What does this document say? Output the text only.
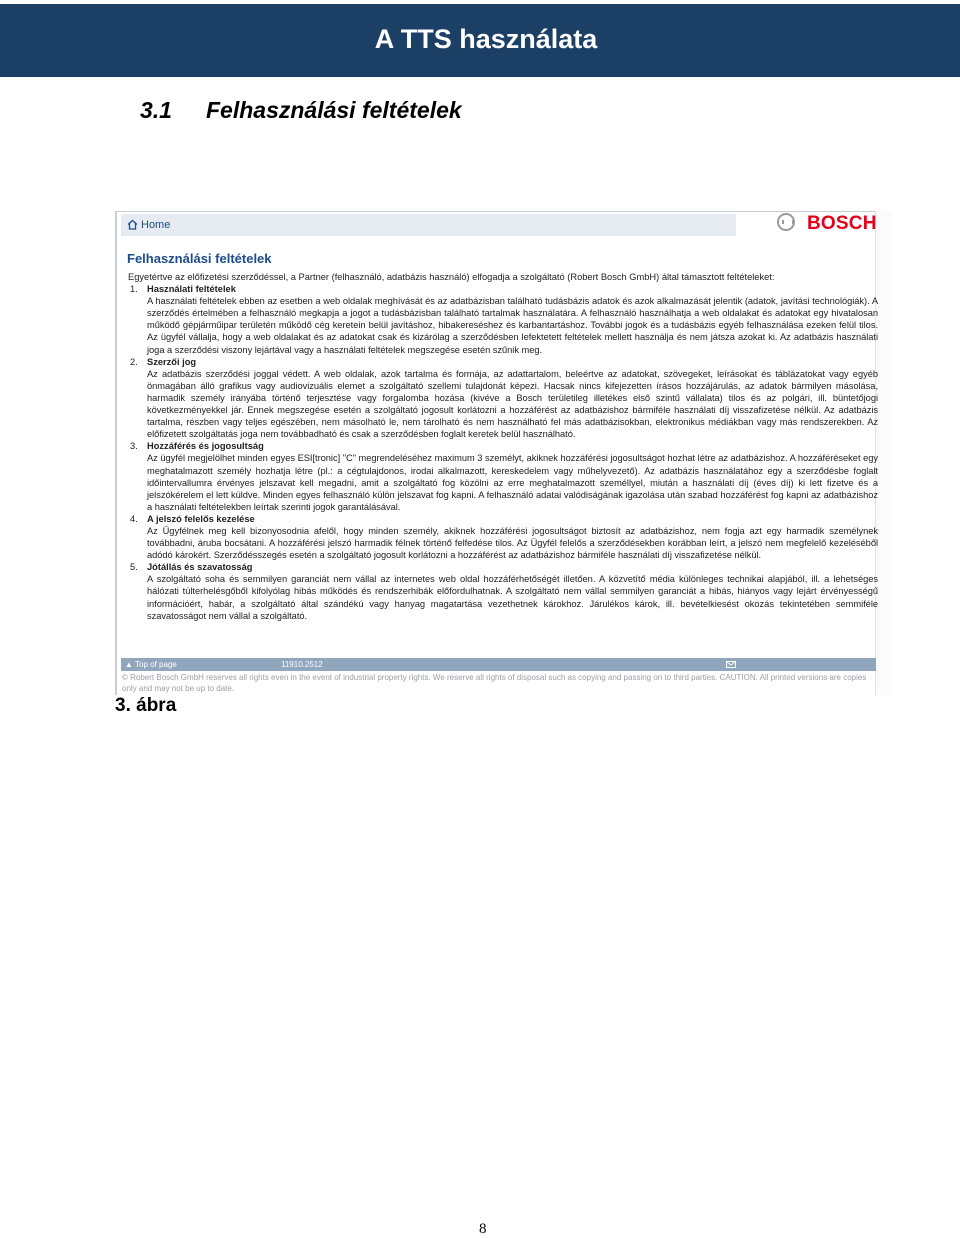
A TTS használata
3.1 Felhasználási feltételek
Home	BOSCH
Felhasználási feltételek

Egyetértve az előfizetési szerződéssel, a Partner (felhasználó, adatbázis használó) elfogadja a szolgáltató (Robert Bosch GmbH) által támasztott feltételeket:

1. Használati feltételek

A használati feltételek ebben az esetben a web oldalak meghívását és az adatbázisban található tudásbázis adatok és azok alkalmazását jelentik (adatok, javítási technológiák). A szerződés értelmében a felhasználó megkapja a jogot a tudásbázisban található tartalmak használatára. A felhasználó használhatja a web oldalakat és adatokat egy hivatalosan működő gépjárműipar területén működő cég keretein belül javításhoz, hibakereséshez és karbantartáshoz. További jogok és a tudásbázis egyéb felhasználása ezeken felül tilos. Az ügyfél vállalja, hogy a web oldalakat és az adatokat csak és kizárólag a szerződésben lefektetett feltételek mellett használja és nem játsza azokat ki. Az adatbázis használati joga a szerződési viszony lejártával vagy a használati feltételek megszegése esetén szűnik meg.

2. Szerzői jog

Az adatbázis szerződési joggal védett. A web oldalak, azok tartalma és formája, az adattartalom, beleértve az adatokat, szövegeket, leírásokat és táblázatokat vagy egyéb önmagában álló grafikus vagy audiovizuális elemet a szolgáltató szellemi tulajdonát képezi. Hacsak nincs kifejezetten írásos hozzájárulás, az adatok bármilyen másolása, harmadik személy irányába történő terjesztése vagy forgalomba hozása (kivéve a Bosch területileg illetékes első szintű vállalata) tilos és az polgári, ill. büntetőjogi következményekkel jár. Ennek megszegése esetén a szolgáltató jogosult korlátozni a hozzáférést az adatbázishoz bármiféle használati díj visszafizetése nélkül. Az adatbázis tartalma, részben vagy teljes egészében, nem másolható le, nem tárolható és nem használható fel más adatbázisokban, elektronikus médiákban vagy más rendszerekben. Az előfizetett szolgáltatás joga nem továbbadható és csak a szerződésben foglalt keretek belül használható.

3. Hozzáférés és jogosultság

Az ügyfél megjelölhet minden egyes ESI[tronic] "C" megrendeléséhez maximum 3 személyt, akiknek hozzáférési jogosultságot hozhat létre az adatbázishoz. A hozzáféréseket egy meghatalmazott személy hozhatja létre (pl.: a cégtulajdonos, irodai alkalmazott, kereskedelem vagy műhelyvezető). Az adatbázis használatához egy a szerződésbe foglalt időintervallumra érvényes jelszavat kell megadni, amit a szolgáltató fog közölni az erre meghatalmazott személlyel, miután a használati díj (éves díj) ki lett fizetve és a jelszókérelem el lett küldve. Minden egyes felhasználó külön jelszavat fog kapni. A felhasználó adatai valódiságának igazolása után szabad hozzáférést fog kapni az adatbázishoz a használati feltételekben leírtak szerinti jogok garantálásával.

4. A jelszó felelős kezelése

Az Ügyfélnek meg kell bizonyosodnia afelől, hogy minden személy, akiknek hozzáférési jogosultságot biztosít az adatbázishoz, nem fogja azt egy harmadik személynek továbbadni, áruba bocsátani. A hozzáférési jelszó harmadik félnek történő felfedése tilos. Az Ügyfél felelős a szerződésekben korábban leírt, a jelszó nem megfelelő kezeléséből adódó károkért. Szerződésszegés esetén a szolgáltató jogosult korlátozni a hozzáférést az adatbázishoz bármiféle használati díj visszafizetése nélkül.

5. Jótállás és szavatosság

A szolgáltató soha és semmilyen garanciát nem vállal az internetes web oldal hozzáférhetőségét illetően. A közvetítő média különleges technikai alapjából, ill. a lehetséges hálózati túlterhelésgőből kifolyólag hibás működés és rendszerhibák előfordulhatnak. A szolgáltató nem vállal semmilyen garanciát a hibás, hiányos vagy lejárt érvényességű információért, habár, a szolgáltató által szándékú vagy hanyag magatartása vezethetnek károkhoz. Járulékos károk, ill. bevételkiesést okozás tekintetében semmiféle szavatosságot nem vállal a szolgáltató.

▲ Top of page	11910.2512
© Robert Bosch GmbH reserves all rights even in the event of industrial property rights. We reserve all rights of disposal such as copying and passing on to third parties. CAUTION: All printed versions are copies only and may not be up to date.
3. ábra
8
